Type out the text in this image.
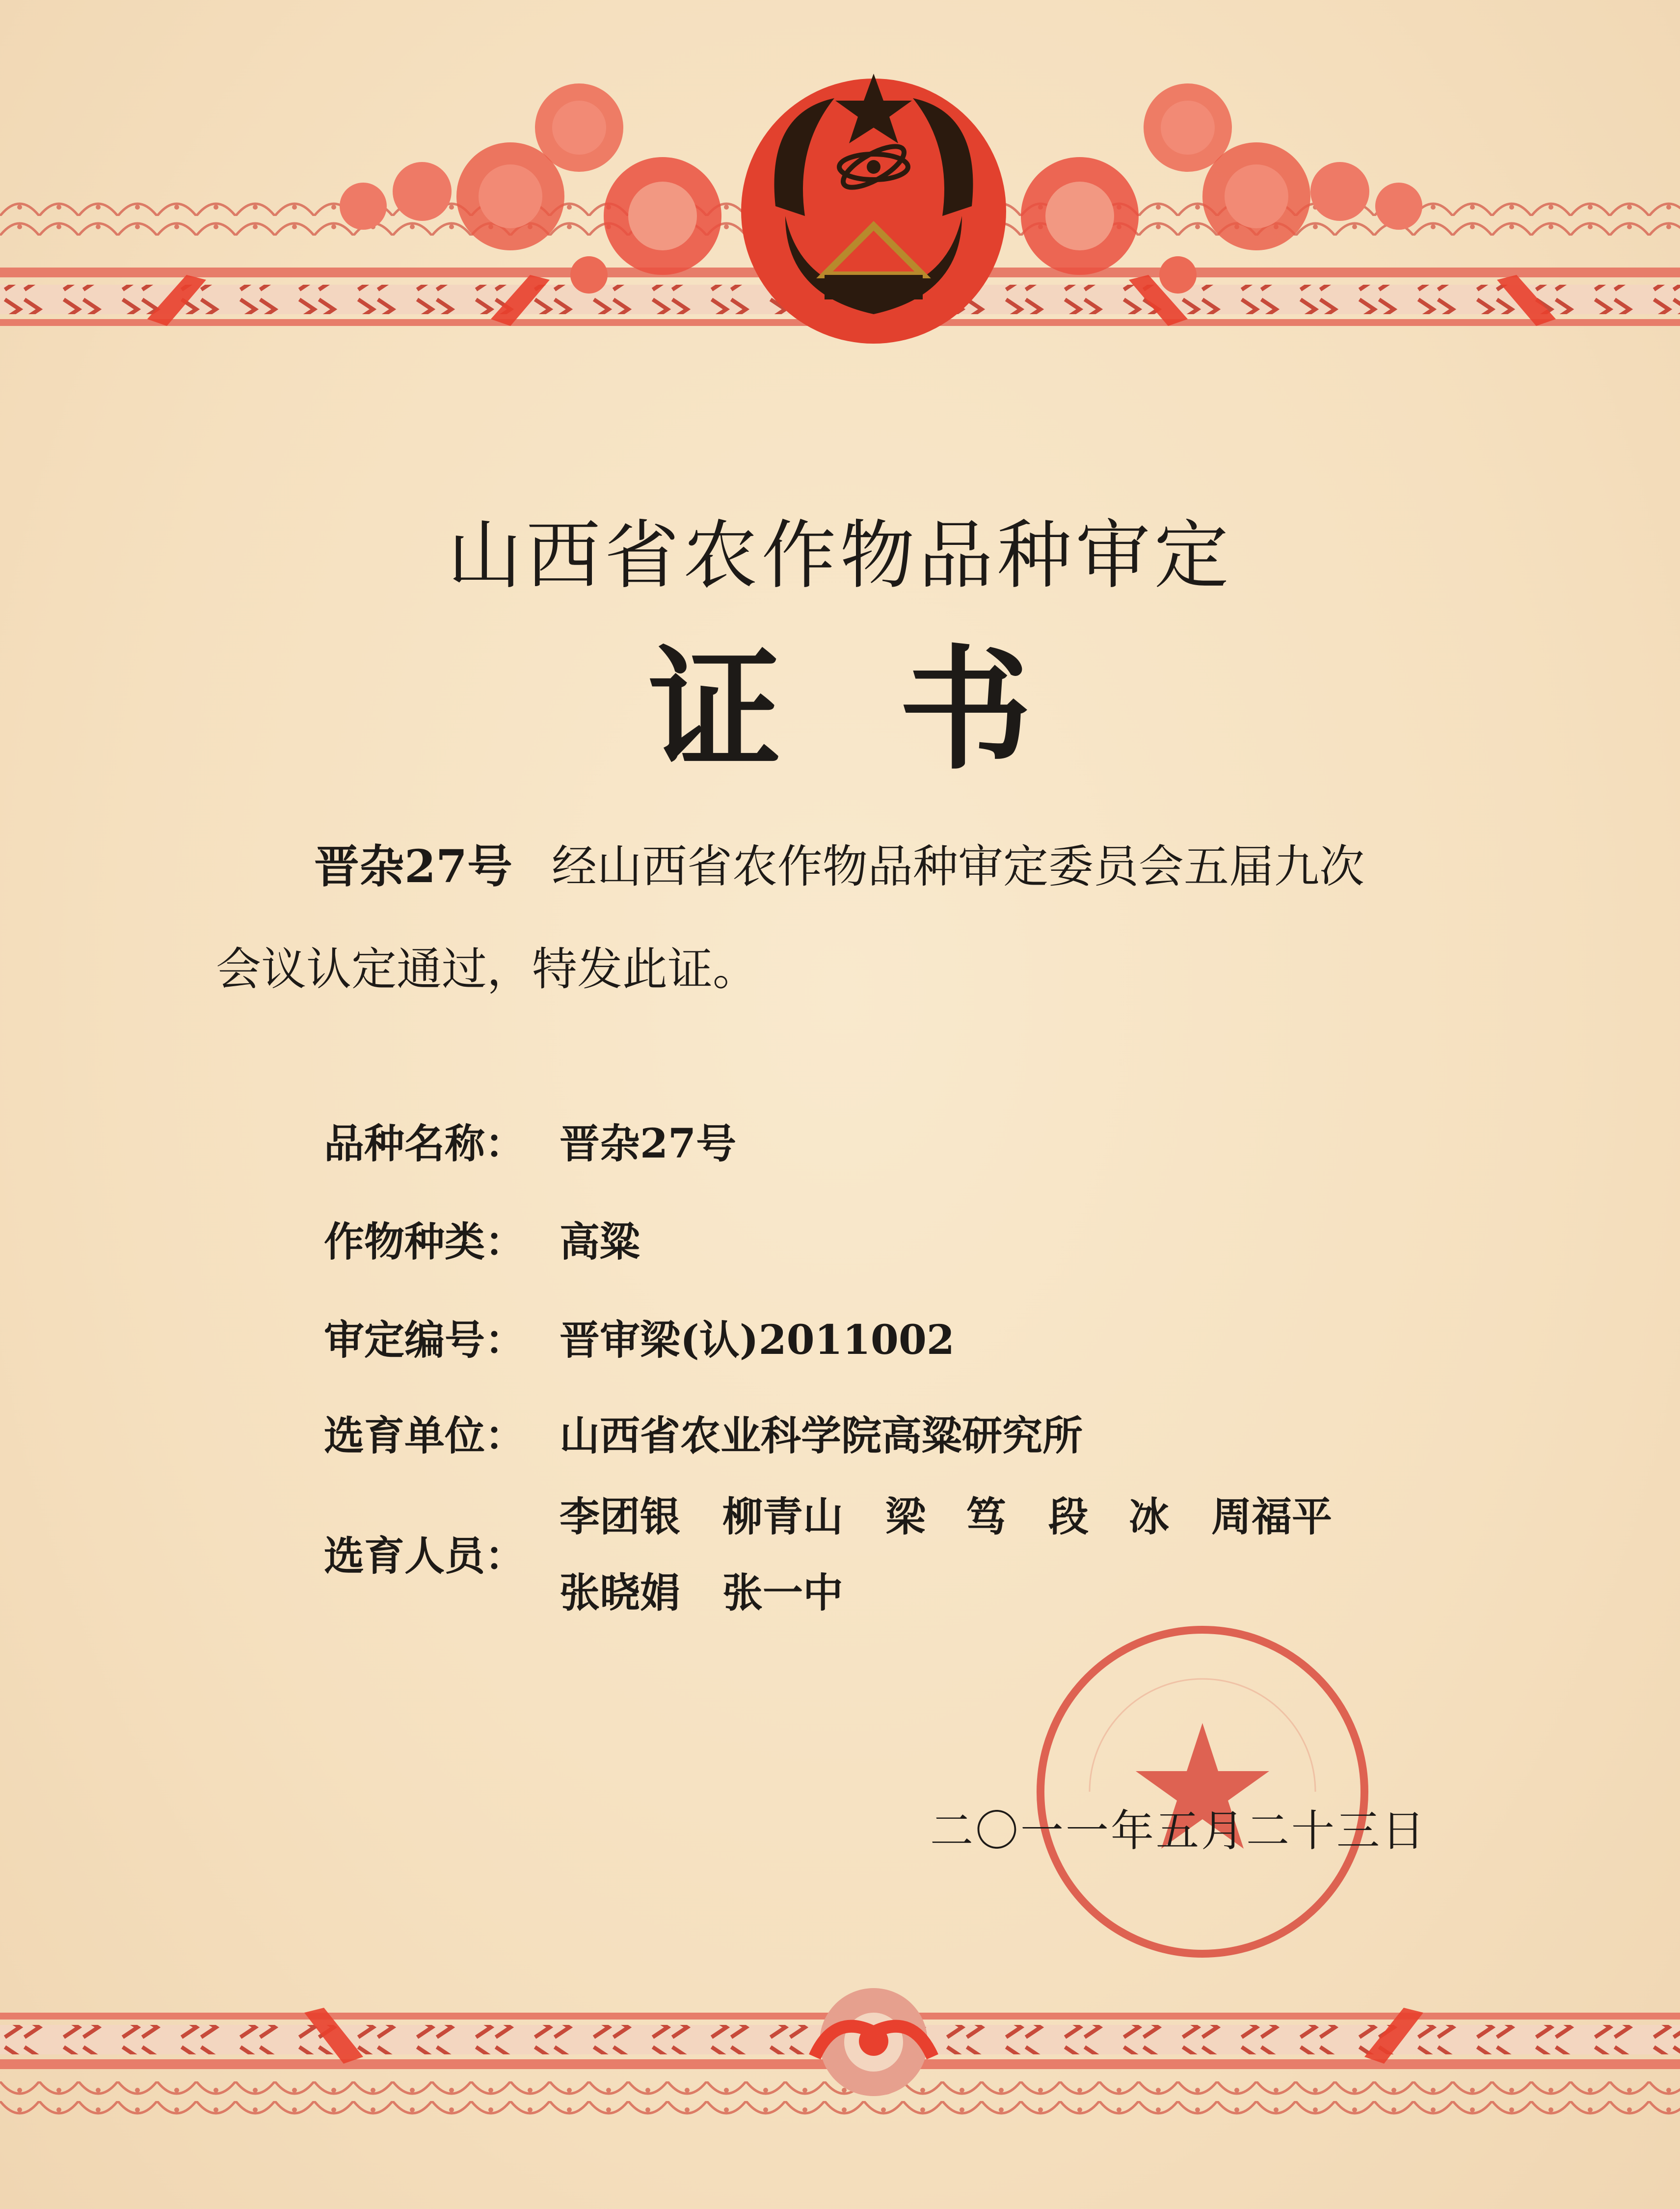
山西省农作物品种审定
证 书
晋杂27号 经山西省农作物品种审定委员会五届九次
会议认定通过，特发此证。
品种名称： 晋杂27号
作物种类： 高粱
审定编号： 晋审梁(认)2011002
选育单位： 山西省农业科学院高粱研究所
选育人员：
李团银 柳青山 梁　笃 段　冰 周福平
张晓娟 张一中
二〇一一年五月二十三日
